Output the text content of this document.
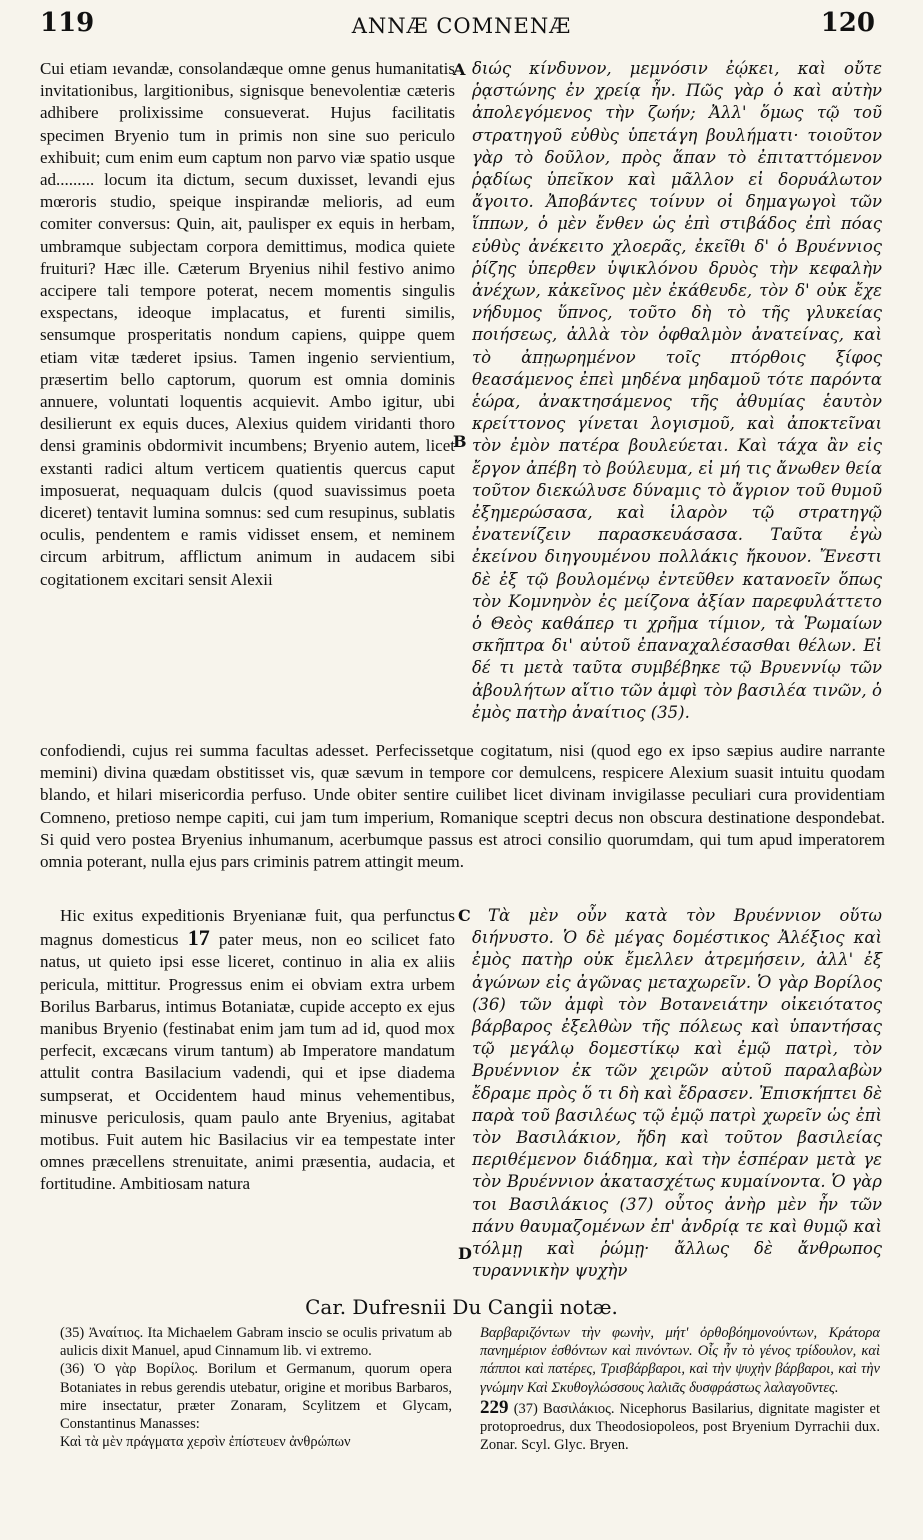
119	ANNÆ COMNENÆ	120
Cui etiam ıevandæ, consolandæque omne genus humanitatis invitationibus, largitionibus, signisque benevolentiæ cæteris adhibere prolixissime consueverat. Hujus facilitatis specimen Bryenio tum in primis non sine suo periculo exhibuit; cum enim eum captum non parvo viæ spatio usque ad......... locum ita dictum, secum duxisset, levandi ejus mœroris studio, speique inspirandæ melioris, ad eum comiter conversus: Quin, ait, paulisper ex equis in herbam, umbramque subjectam corpora demittimus, modica quiete fruituri? Hæc ille. Cæterum Bryenius nihil festivo animo accipere tali tempore poterat, necem momentis singulis exspectans, ideoque implacatus, et furenti similis, sensumque prosperitatis nondum capiens, quippe quem etiam vitæ tæderet ipsius. Tamen ingenio servientium, præsertim bello captorum, quorum est omnia dominis annuere, voluntati loquentis acquievit. Ambo igitur, ubi desilierunt ex equis duces, Alexius quidem viridanti thoro densi graminis obdormivit incumbens; Bryenio autem, licet exstanti radici altum verticem quatientis quercus caput imposuerat, nequaquam dulcis (quod suavissimus poeta diceret) tentavit lumina somnus: sed cum resupinus, sublatis oculis, pendentem e ramis vidisset ensem, et neminem circum arbitrum, afflictum animum in audacem sibi cogitationem excitari sensit Alexii
A διώς κίνδυνον, μεμνόσιν ἐῴκει, καὶ οὔτε ῥᾳστώνης ἐν χρείᾳ ἦν. Πῶς γὰρ ὁ καὶ αὐτὴν ἀπολεγόμενος τὴν ζωήν; Ἀλλ' ὅμως τῷ τοῦ στρατηγοῦ εὐθὺς ὑπετάγη βουλήματι· τοιοῦτον γὰρ τὸ δοῦλον, πρὸς ἅπαν τὸ ἐπιταττόμενον ῥᾳδίως ὑπεῖκον καὶ μᾶλλον εἰ δορυάλωτον ἄγοιτο. Ἀποβάντες τοίνυν οἱ δημαγωγοὶ τῶν ἵππων, ὁ μὲν ἔνθεν ὡς ἐπὶ στιβάδος ἐπὶ πόας εὐθὺς ἀνέκειτο χλοερᾶς, ἐκεῖθι δ' ὁ Βρυέννιος ῥίζης ὑπερθεν ὑψικλόνου δρυὸς τὴν κεφαλὴν ἀνέχων, κἀκεῖνος μὲν ἐκάθευδε, τὸν δ' οὐκ ἔχε νήδυμος ὕπνος, τοῦτο δὴ τὸ τῆς γλυκείας ποιήσεως, ἀλλὰ τὸν ὀφθαλμὸν ἀνατείνας, καὶ τὸ ἀπῃωρημένον τοῖς πτόρθοις ξίφος θεασάμενος ἐπεὶ μηδένα μηδαμοῦ τότε παρόντα ἑώρα, ἀνακτησάμενος τῆς ἀθυμίας ἑαυτὸν κρείττονος γίνεται λογισμοῦ, καὶ ἀποκτεῖναι τὸν ἐμὸν πατέρα βουλεύεται. Καὶ τάχα ἂν εἰς ἔργον ἀπέβη τὸ βούλευμα, εἰ μή τις ἄνωθεν θεία τοῦτον διεκώλυσε δύναμις τὸ ἄγριον τοῦ θυμοῦ ἐξημερώσασα, καὶ ἱλαρὸν τῷ στρατηγῷ ἐνατενίζειν παρασκευάσασα. Ταῦτα ἐγὼ ἐκείνου διηγουμένου πολλάκις ἤκουον. Ἔνεστι δὲ ἐξ τῷ βουλομένῳ ἐντεῦθεν κατανοεῖν ὅπως τὸν Κομνηνὸν ἐς μείζονα ἀξίαν παρεφυλάττετο ὁ Θεὸς καθάπερ τι χρῆμα τίμιον, τὰ Ῥωμαίων σκῆπτρα δι' αὐτοῦ ἐπαναχαλέσασθαι θέλων. Εἰ δέ τι μετὰ ταῦτα συμβέβηκε τῷ Βρυεννίῳ τῶν ἀβουλήτων αἴτιο τῶν ἀμφὶ τὸν βασιλέα τινῶν, ὁ ἐμὸς πατὴρ ἀναίτιος (35).
B
confodiendi, cujus rei summa facultas adesset. Perfecissetque cogitatum, nisi (quod ego ex ipso sæpius audire narrante memini) divina quædam obstitisset vis, quæ sævum in tempore cor demulcens, respicere Alexium suasit intuitu quodam blando, et hilari misericordia perfuso. Unde obiter sentire cuilibet licet divinam invigilasse peculiari cura providentiam Comneno, pretioso nempe capiti, cui jam tum imperium, Romanique sceptri decus non obscura destinatione despondebat. Si quid vero postea Bryenius inhumanum, acerbumque passus est atroci consilio quorumdam, qui tum apud imperatorem omnia poterant, nulla ejus pars criminis patrem attingit meum.
Hic exitus expeditionis Bryenianæ fuit, qua perfunctus magnus domesticus 17 pater meus, non eo scilicet fato natus, ut quieto ipsi esse liceret, continuo in alia ex aliis pericula, mittitur. Progressus enim ei obviam extra urbem Borilus Barbarus, intimus Botaniatæ, cupide accepto ex ejus manibus Bryenio (festinabat enim jam tum ad id, quod mox perfecit, excæcans virum tantum) ab Imperatore mandatum attulit contra Basilacium vadendi, qui et ipse diadema sumpserat, et Occidentem haud minus vehementibus, minusve periculosis, quam paulo ante Bryenius, agitabat motibus. Fuit autem hic Basilacius vir ea tempestate inter omnes præcellens strenuitate, animi præsentia, audacia, et fortitudine. Ambitiosam natura
C	Τὰ μὲν οὖν κατὰ τὸν Βρυέννιον οὕτω διήνυστο. Ὁ δὲ μέγας δομέστικος Ἀλέξιος καὶ ἐμὸς πατὴρ οὐκ ἔμελλεν ἀτρεμήσειν, ἀλλ' ἐξ ἀγώνων εἰς ἀγῶνας μεταχωρεῖν. Ὁ γὰρ Βορίλος (36) τῶν ἀμφὶ τὸν Βοτανειάτην οἰκειότατος βάρβαρος ἐξελθὼν τῆς πόλεως καὶ ὑπαντήσας τῷ μεγάλῳ δομεστίκῳ καὶ ἐμῷ πατρὶ, τὸν Βρυέννιον ἐκ τῶν χειρῶν αὐτοῦ παραλαβὼν ἔδραμε πρὸς ὅ τι δὴ καὶ ἔδρασεν. Ἐπισκήπτει δὲ παρὰ τοῦ βασιλέως τῷ ἐμῷ πατρὶ χωρεῖν ὡς ἐπὶ τὸν Βασιλάκιον, ἤδη καὶ τοῦτον βασιλείας περιθέμενον διάδημα, καὶ τὴν ἑσπέραν μετὰ γε τὸν Βρυέννιον ἀκατασχέτως κυμαίνοντα. Ὁ γὰρ τοι Βασιλάκιος (37) οὗτος ἀνὴρ μὲν ἦν τῶν πάνυ θαυμαζομένων ἐπ' ἀνδρίᾳ τε καὶ θυμῷ καὶ τόλμῃ καὶ ῥώμῃ· ἄλλως δὲ ἄνθρωπος τυραννικὴν ψυχὴν
D
Car. Dufresnii Du Cangii notæ.
(35) Ἀναίτιος. Ita Michaelem Gabram inscio se oculis privatum ab aulicis dixit Manuel, apud Cinnamum lib. vi extremo.
(36) Ὁ γὰρ Βορίλος. Borilum et Germanum, quorum opera Botaniates in rebus gerendis utebatur, origine et moribus Barbaros, mire insectatur, præter Zonaram, Scylitzem et Glycam, Constantinus Manasses:
Καὶ τὰ μὲν πράγματα χερσὶν ἐπίστευεν ἀνθρώπων
Βαρβαριζόντων τὴν φωνὴν, μήτ' ὀρθοβόημονούντων, Κράτορα πανημέριον ἐσθόντων καὶ πινόντων. Οἷς ἦν τὸ γένος τρίδουλον, καὶ πάπποι καὶ πατέρες, Τρισβάρβαροι, καὶ τὴν ψυχὴν βάρβαροι, καὶ τὴν γνώμην Καὶ Σκυθογλώσσους λαλιᾶς δυσφράστως λαλαγοῦντες.
229 (37) Βασιλάκιος. Nicephorus Basilarius, dignitate magister et protoproedrus, dux Theodosiopoleos, post Bryenium Dyrrachii dux. Zonar. Scyl. Glyc. Bryen.
